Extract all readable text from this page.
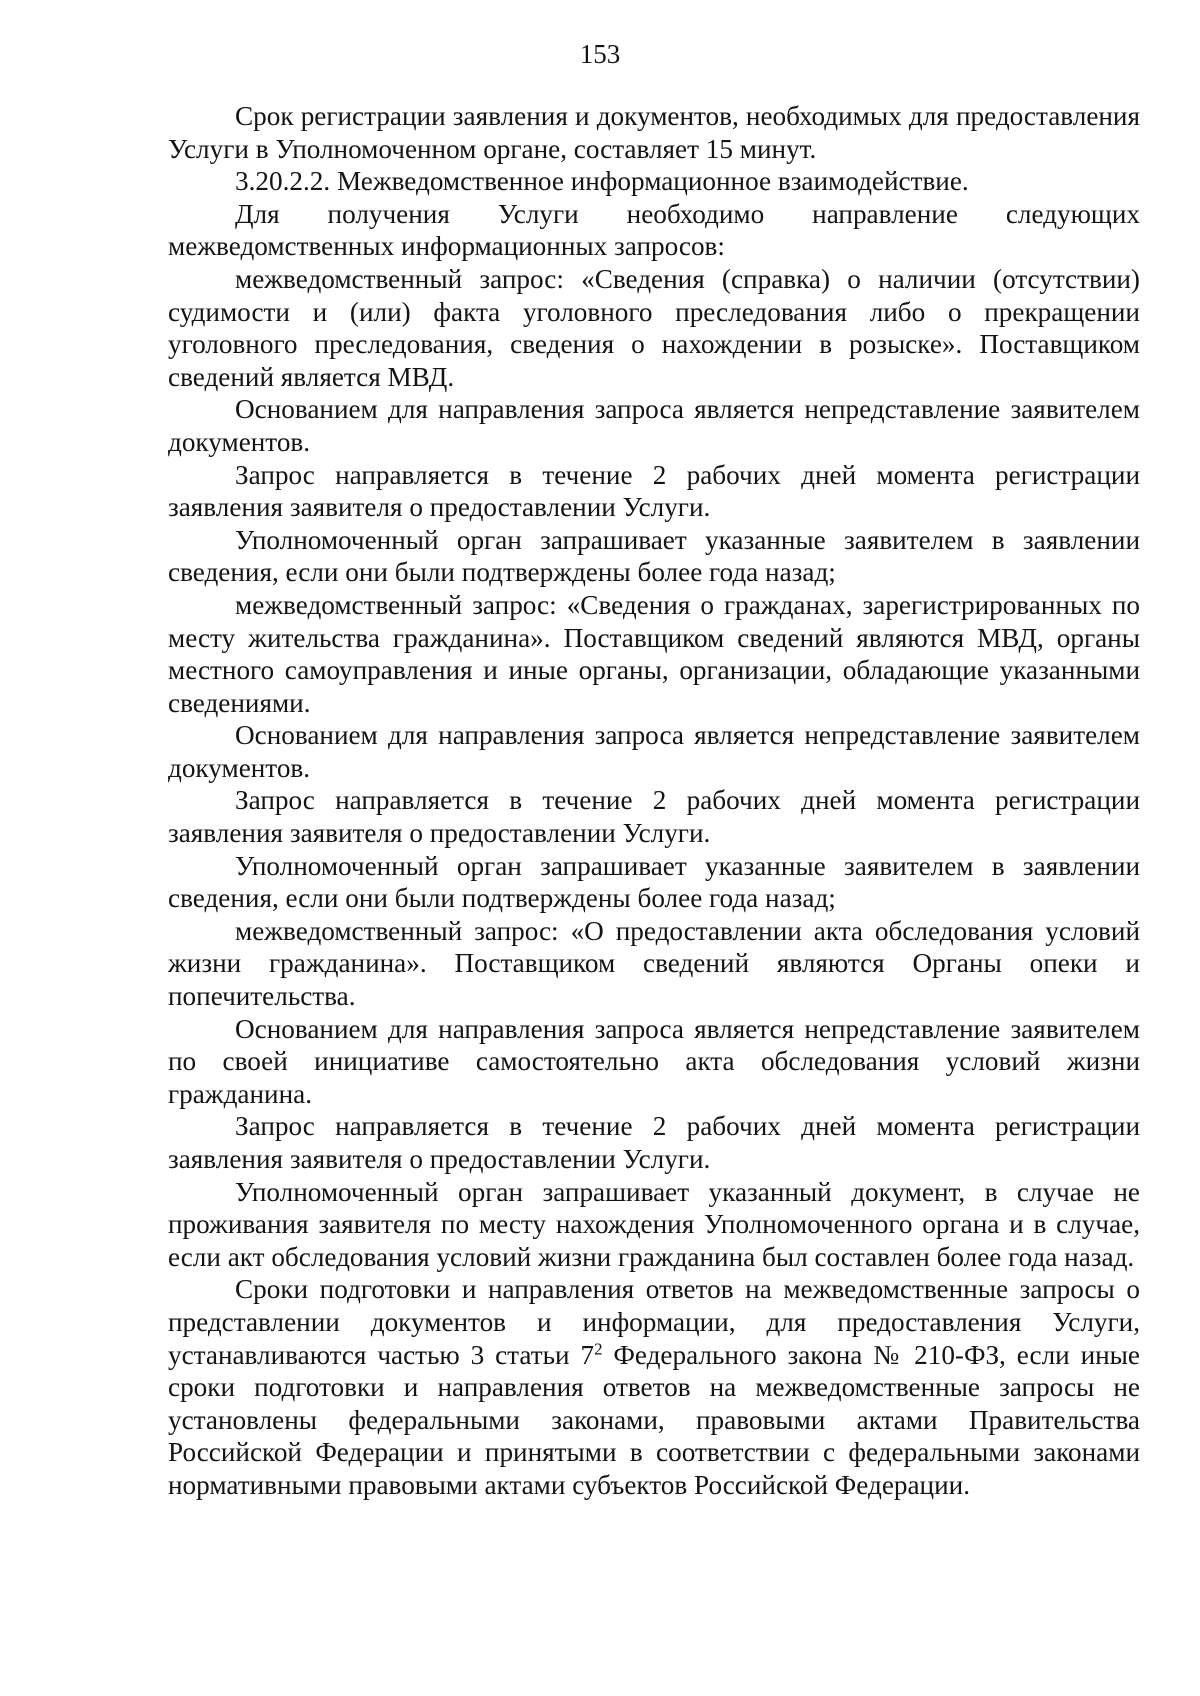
153

Срок регистрации заявления и документов, необходимых для предоставления Услуги в Уполномоченном органе, составляет 15 минут.

3.20.2.2. Межведомственное информационное взаимодействие.

Для получения Услуги необходимо направление следующих межведомственных информационных запросов:

межведомственный запрос: «Сведения (справка) о наличии (отсутствии) судимости и (или) факта уголовного преследования либо о прекращении уголовного преследования, сведения о нахождении в розыске». Поставщиком сведений является МВД.

Основанием для направления запроса является непредставление заявителем документов.

Запрос направляется в течение 2 рабочих дней момента регистрации заявления заявителя о предоставлении Услуги.

Уполномоченный орган запрашивает указанные заявителем в заявлении сведения, если они были подтверждены более года назад;

межведомственный запрос: «Сведения о гражданах, зарегистрированных по месту жительства гражданина». Поставщиком сведений являются МВД, органы местного самоуправления и иные органы, организации, обладающие указанными сведениями.

Основанием для направления запроса является непредставление заявителем документов.

Запрос направляется в течение 2 рабочих дней момента регистрации заявления заявителя о предоставлении Услуги.

Уполномоченный орган запрашивает указанные заявителем в заявлении сведения, если они были подтверждены более года назад;

межведомственный запрос: «О предоставлении акта обследования условий жизни гражданина». Поставщиком сведений являются Органы опеки и попечительства.

Основанием для направления запроса является непредставление заявителем по своей инициативе самостоятельно акта обследования условий жизни гражданина.

Запрос направляется в течение 2 рабочих дней момента регистрации заявления заявителя о предоставлении Услуги.

Уполномоченный орган запрашивает указанный документ, в случае не проживания заявителя по месту нахождения Уполномоченного органа и в случае, если акт обследования условий жизни гражданина был составлен более года назад.

Сроки подготовки и направления ответов на межведомственные запросы о представлении документов и информации, для предоставления Услуги, устанавливаются частью 3 статьи $7^2$ Федерального закона № 210-ФЗ, если иные сроки подготовки и направления ответов на межведомственные запросы не установлены федеральными законами, правовыми актами Правительства Российской Федерации и принятыми в соответствии с федеральными законами нормативными правовыми актами субъектов Российской Федерации.
